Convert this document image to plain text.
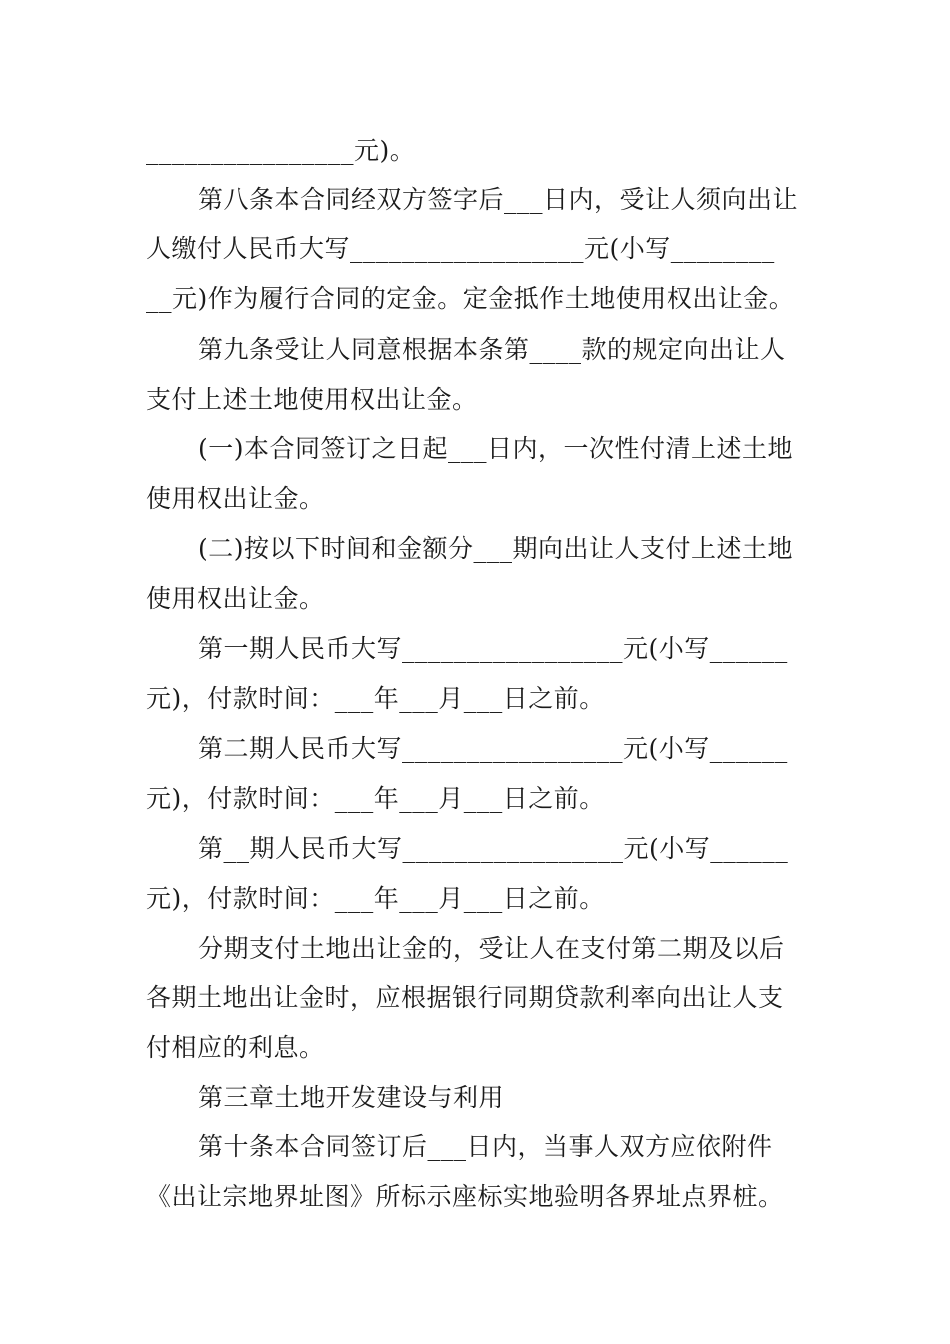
________________元)。
第八条本合同经双方签字后___日内，受让人须向出让
人缴付人民币大写__________________元(小写________
__元)作为履行合同的定金。定金抵作土地使用权出让金。
第九条受让人同意根据本条第____款的规定向出让人
支付上述土地使用权出让金。
(一)本合同签订之日起___日内，一次性付清上述土地
使用权出让金。
(二)按以下时间和金额分___期向出让人支付上述土地
使用权出让金。
第一期人民币大写_________________元(小写______
元)，付款时间：___年___月___日之前。
第二期人民币大写_________________元(小写______
元)，付款时间：___年___月___日之前。
第__期人民币大写_________________元(小写______
元)，付款时间：___年___月___日之前。
分期支付土地出让金的，受让人在支付第二期及以后
各期土地出让金时，应根据银行同期贷款利率向出让人支
付相应的利息。
第三章土地开发建设与利用
第十条本合同签订后___日内，当事人双方应依附件
《出让宗地界址图》所标示座标实地验明各界址点界桩。
